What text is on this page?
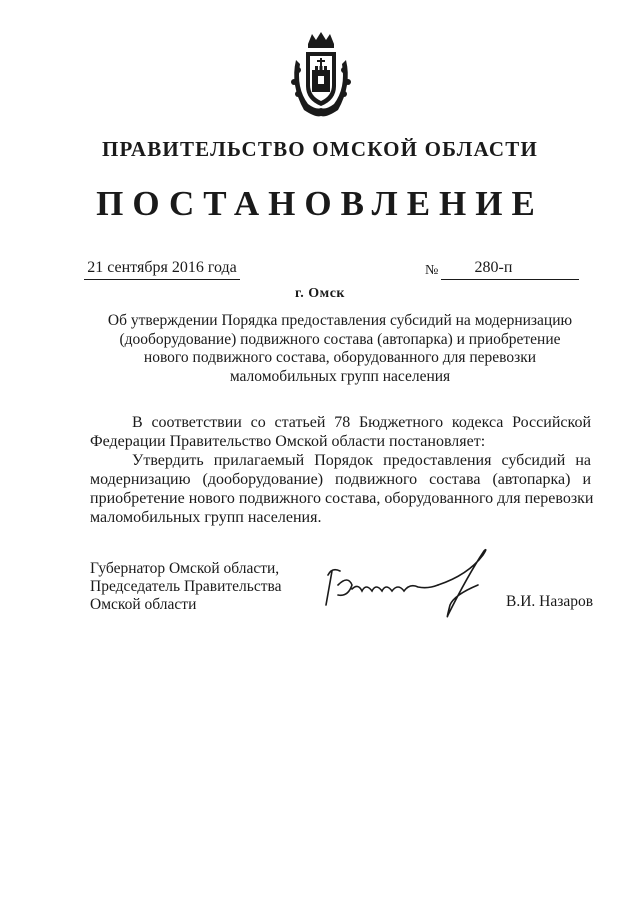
ПРАВИТЕЛЬСТВО ОМСКОЙ ОБЛАСТИ
ПОСТАНОВЛЕНИЕ
21 сентября 2016 года	№	280-п
г. Омск
Об утверждении Порядка предоставления субсидий на модернизацию
(дооборудование) подвижного состава (автопарка) и приобретение
нового подвижного состава, оборудованного для перевозки
маломобильных групп населения
В соответствии со статьей 78 Бюджетного кодекса Российской
Федерации Правительство Омской области постановляет:
Утвердить прилагаемый Порядок предоставления субсидий на
модернизацию (дооборудование) подвижного состава (автопарка) и
приобретение нового подвижного состава, оборудованного для перевозки
маломобильных групп населения.
Губернатор Омской области,
Председатель Правительства
Омской области	В.И. Назаров
